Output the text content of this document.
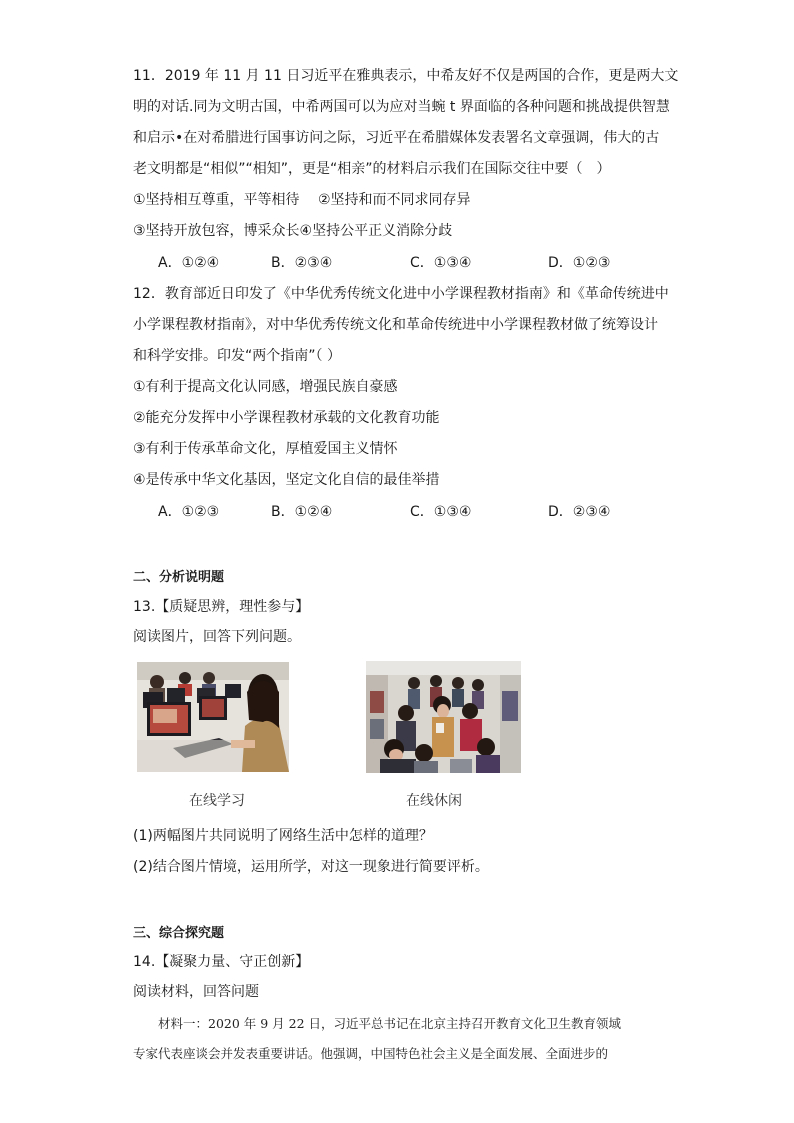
11．2019 年 11 月 11 日习近平在雅典表示，中希友好不仅是两国的合作，更是两大文
明的对话.同为文明古国，中希两国可以为应对当蜿 t 界面临的各种问题和挑战提供智慧
和启示•在对希腊进行国事访问之际，习近平在希腊媒体发表署名文章强调，伟大的古
老文明都是“相似”“相知”，更是“相亲”的材料启示我们在国际交往中要（　）
①坚持相互尊重，平等相待　 ②坚持和而不同求同存异
③坚持开放包容，博采众长④坚持公平正义消除分歧
A．①②④	B．②③④	C．①③④	D．①②③
12．教育部近日印发了《中华优秀传统文化进中小学课程教材指南》和《革命传统进中
小学课程教材指南》，对中华优秀传统文化和革命传统进中小学课程教材做了统筹设计
和科学安排。印发“两个指南”（ ）
①有利于提高文化认同感，增强民族自豪感
②能充分发挥中小学课程教材承载的文化教育功能
③有利于传承革命文化，厚植爱国主义情怀
④是传承中华文化基因，坚定文化自信的最佳举措
A．①②③	B．①②④	C．①③④	D．②③④
二、分析说明题
13.【质疑思辨，理性参与】
阅读图片，回答下列问题。
在线学习	在线休闲
(1)两幅图片共同说明了网络生活中怎样的道理？
(2)结合图片情境，运用所学，对这一现象进行简要评析。
三、综合探究题
14.【凝聚力量、守正创新】
阅读材料，回答问题
　　材料一：2020 年 9 月 22 日，习近平总书记在北京主持召开教育文化卫生教育领域
专家代表座谈会并发表重要讲话。他强调，中国特色社会主义是全面发展、全面进步的
